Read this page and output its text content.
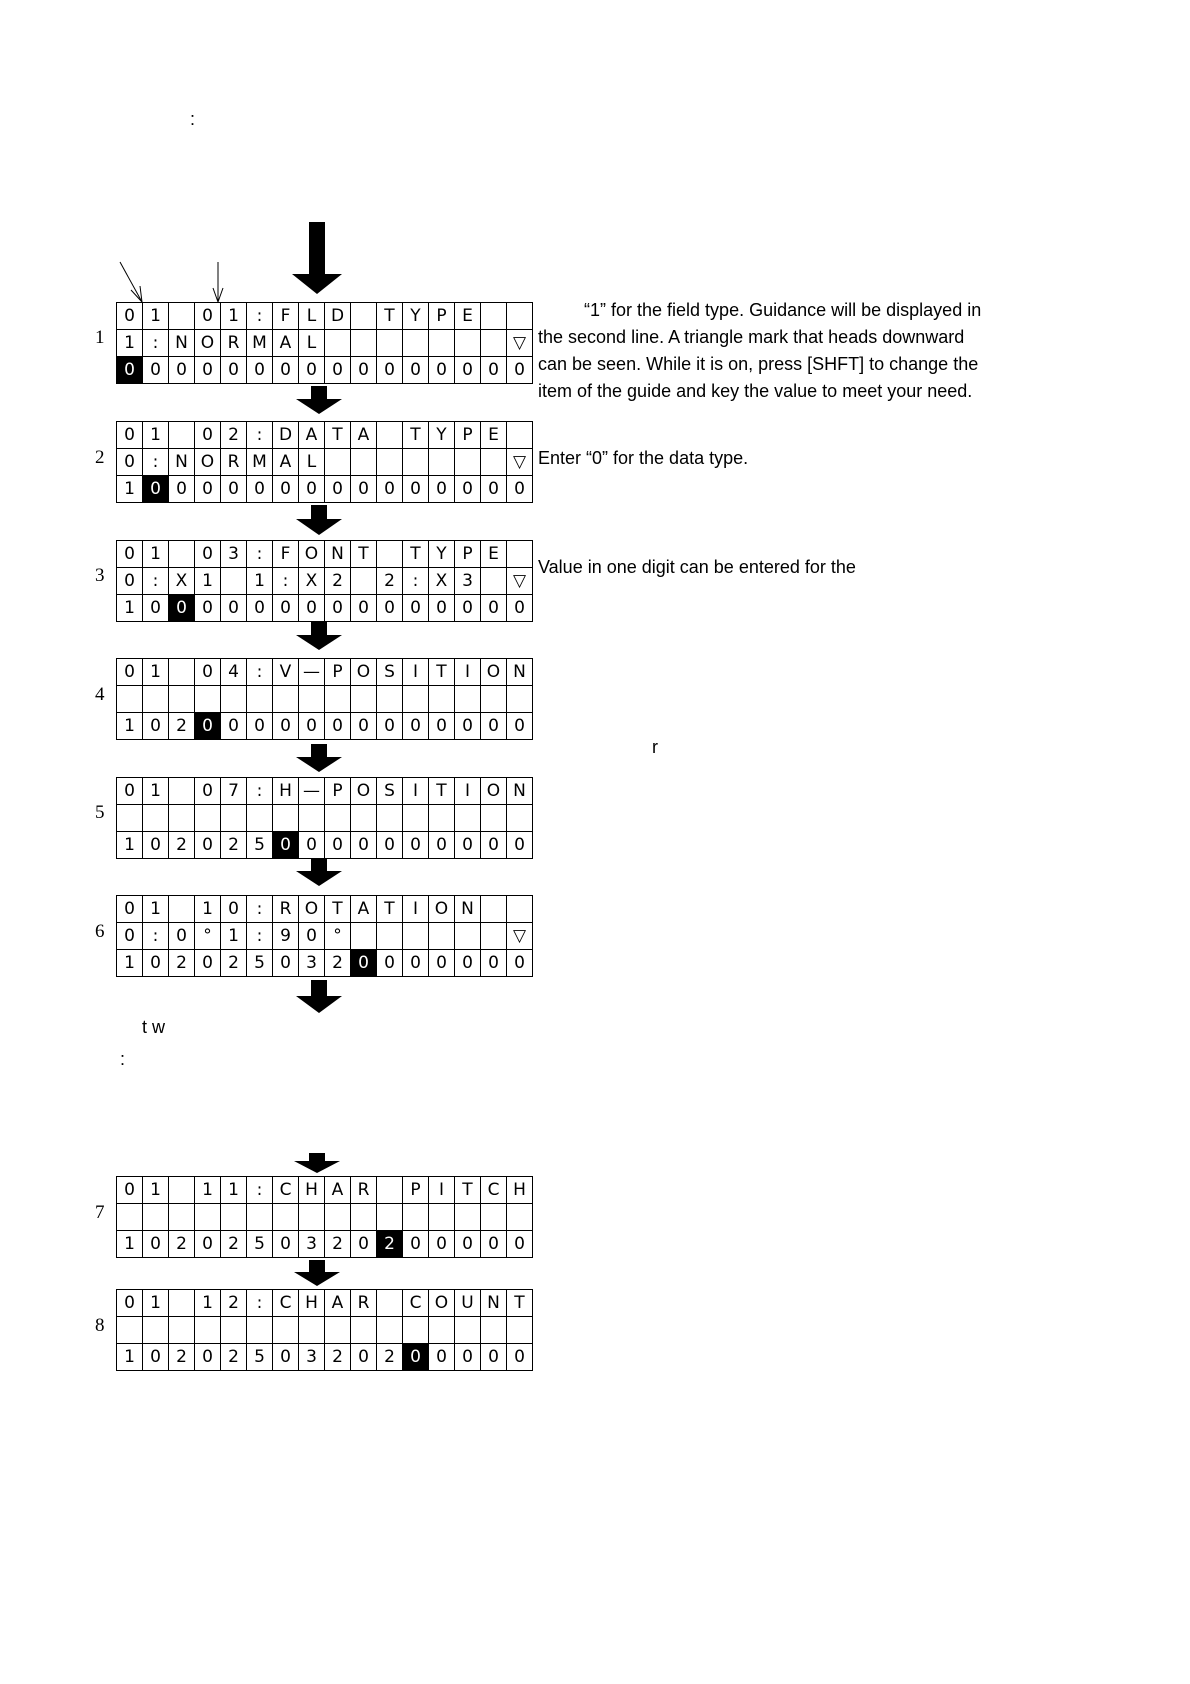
:
1
2
3
4
5
6
7
8
0	1		0	1	:	F	L	D		T	Y	P	E		
1	:	N	O	R	M	A	L								▽
0	0	0	0	0	0	0	0	0	0	0	0	0	0	0	0
0	1		0	2	:	D	A	T	A		T	Y	P	E	
0	:	N	O	R	M	A	L								▽
1	0	0	0	0	0	0	0	0	0	0	0	0	0	0	0
0	1		0	3	:	F	O	N	T		T	Y	P	E	
0	:	X	1		1	:	X	2		2	:	X	3		▽
1	0	0	0	0	0	0	0	0	0	0	0	0	0	0	0
0	1		0	4	:	V	—	P	O	S	I	T	I	O	N

1	0	2	0	0	0	0	0	0	0	0	0	0	0	0	0
0	1		0	7	:	H	—	P	O	S	I	T	I	O	N

1	0	2	0	2	5	0	0	0	0	0	0	0	0	0	0
0	1		1	0	:	R	O	T	A	T	I	O	N		
0	:	0	°	1	:	9	0	°							▽
1	0	2	0	2	5	0	3	2	0	0	0	0	0	0	0
0	1		1	1	:	C	H	A	R		P	I	T	C	H

1	0	2	0	2	5	0	3	2	0	2	0	0	0	0	0
0	1		1	2	:	C	H	A	R		C	O	U	N	T

1	0	2	0	2	5	0	3	2	0	2	0	0	0	0	0
“1” for the field type. Guidance will be displayed in
the second line. A triangle mark that heads downward
can be seen. While it is on, press [SHFT] to change the
item of the guide and key the value to meet your need.
Enter “0” for the data type.
Value in one digit can be entered for the
r
t w
:
